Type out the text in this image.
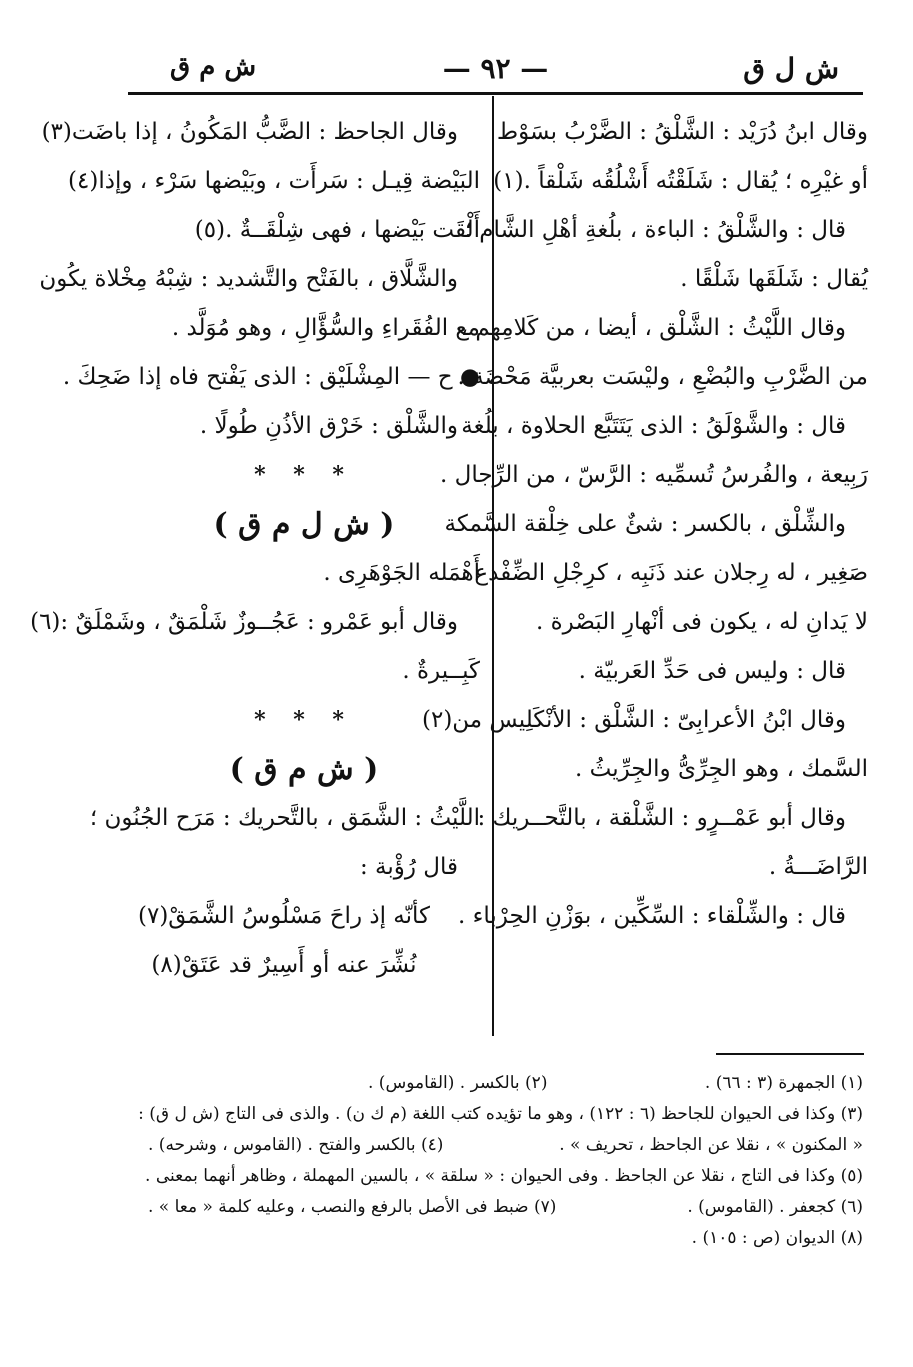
ش ل ق
— ٩٢ —
ش م ق
وقال ابنُ دُرَيْد : الشَّلْقُ : الضَّرْبُ بسَوْط
أو غيْرِه ؛ يُقال : شَلَقْتُه أَشْلُقُه شَلْقاً .(١)
قال : والشَّلْقُ : الباءة ، بلُغةِ أهْلِ الشَّام ؛
يُقال : شَلَقَها شَلْقًا .
وقال اللَّيْثُ : الشَّلْق ، أيضا ، من كَلامِهم ،
من الضَّرْبِ والبُضْعِ ، وليْسَت بعربيَّة مَحْضَة .
قال : والشَّوْلَقُ : الذى يَتَتَبَّع الحلاوة ، بلُغة
رَبِيعة ، والفُرسُ تُسمِّيه : الرَّسّ ، من الرِّجال .
والشِّلْق ، بالكسر : شئٌ على خِلْقة السَّمكة
صَغِير ، له رِجلان عند ذَنَبِه ، كرِجْلِ الضِّفْدع ،
لا يَدانِ له ، يكون فى أنْهارِ البَصْرة .
قال : وليس فى حَدِّ العَربيّة .
وقال ابْنُ الأعرابِىّ : الشَّلْق : الأنْكَلِيس من(٢)
السَّمك ، وهو الجِرِّىُّ والجِرِّيثُ .
وقال أبو عَمْــرٍو : الشَّلْقة ، بالتَّحــريك :
الرَّاضَـــةُ .
قال : والشِّلْقاء : السِّكِّين ، بوَزْنِ الحِرْباء .
وقال الجاحظ : الضَّبُّ المَكُونُ ، إذا باضَت(٣)
البَيْضة قِيـل : سَرأَت ، وبَيْضها سَرْء ، وإذا(٤)
أَلْقَت بَيْضها ، فهى شِلْقَــةٌ .(٥)
والشَّلَّاق ، بالفَتْح والتَّشديد : شِبْهُ مِخْلاة يكُون
مع الفُقَراءِ والسُّؤَّالِ ، وهو مُوَلَّد .
● ح — المِشْلَيْق : الذى يَفْتح فاه إذا ضَحِكَ .
والشَّلْق : خَرْق الأذُنِ طُولًا .
* * *
( ش ل م ق )
أَهْمَله الجَوْهَرِى .
وقال أبو عَمْرو : عَجُــوزٌ شَلْمَقٌ ، وشَمْلَقٌ :(٦)
كَبِــيرةٌ .
* * *
( ش م ق )
اللَّيْثُ : الشَّمَق ، بالتَّحريك : مَرَح الجُنُون ؛
قال رُؤْبة :
كأنّه إذ راحَ مَسْلُوسُ الشَّمَقْ(٧)
نُشِّرَ عنه أو أَسِيرٌ قد عَتَقْ(٨)
(١) الجمهرة (٣ : ٦٦) .
(٢) بالكسر . (القاموس) .
(٣) وكذا فى الحيوان للجاحظ (٦ : ١٢٢) ، وهو ما تؤيده كتب اللغة (م ك ن) . والذى فى التاج (ش ل ق) :
« المكنون » ، نقلا عن الجاحظ ، تحريف » .
(٤) بالكسر والفتح . (القاموس ، وشرحه) .
(٥) وكذا فى التاج ، نقلا عن الجاحظ . وفى الحيوان : « سلقة » ، بالسين المهملة ، وظاهر أنهما بمعنى .
(٦) كجعفر . (القاموس) .
(٧) ضبط فى الأصل بالرفع والنصب ، وعليه كلمة « معا » .
(٨) الديوان (ص : ١٠٥) .
